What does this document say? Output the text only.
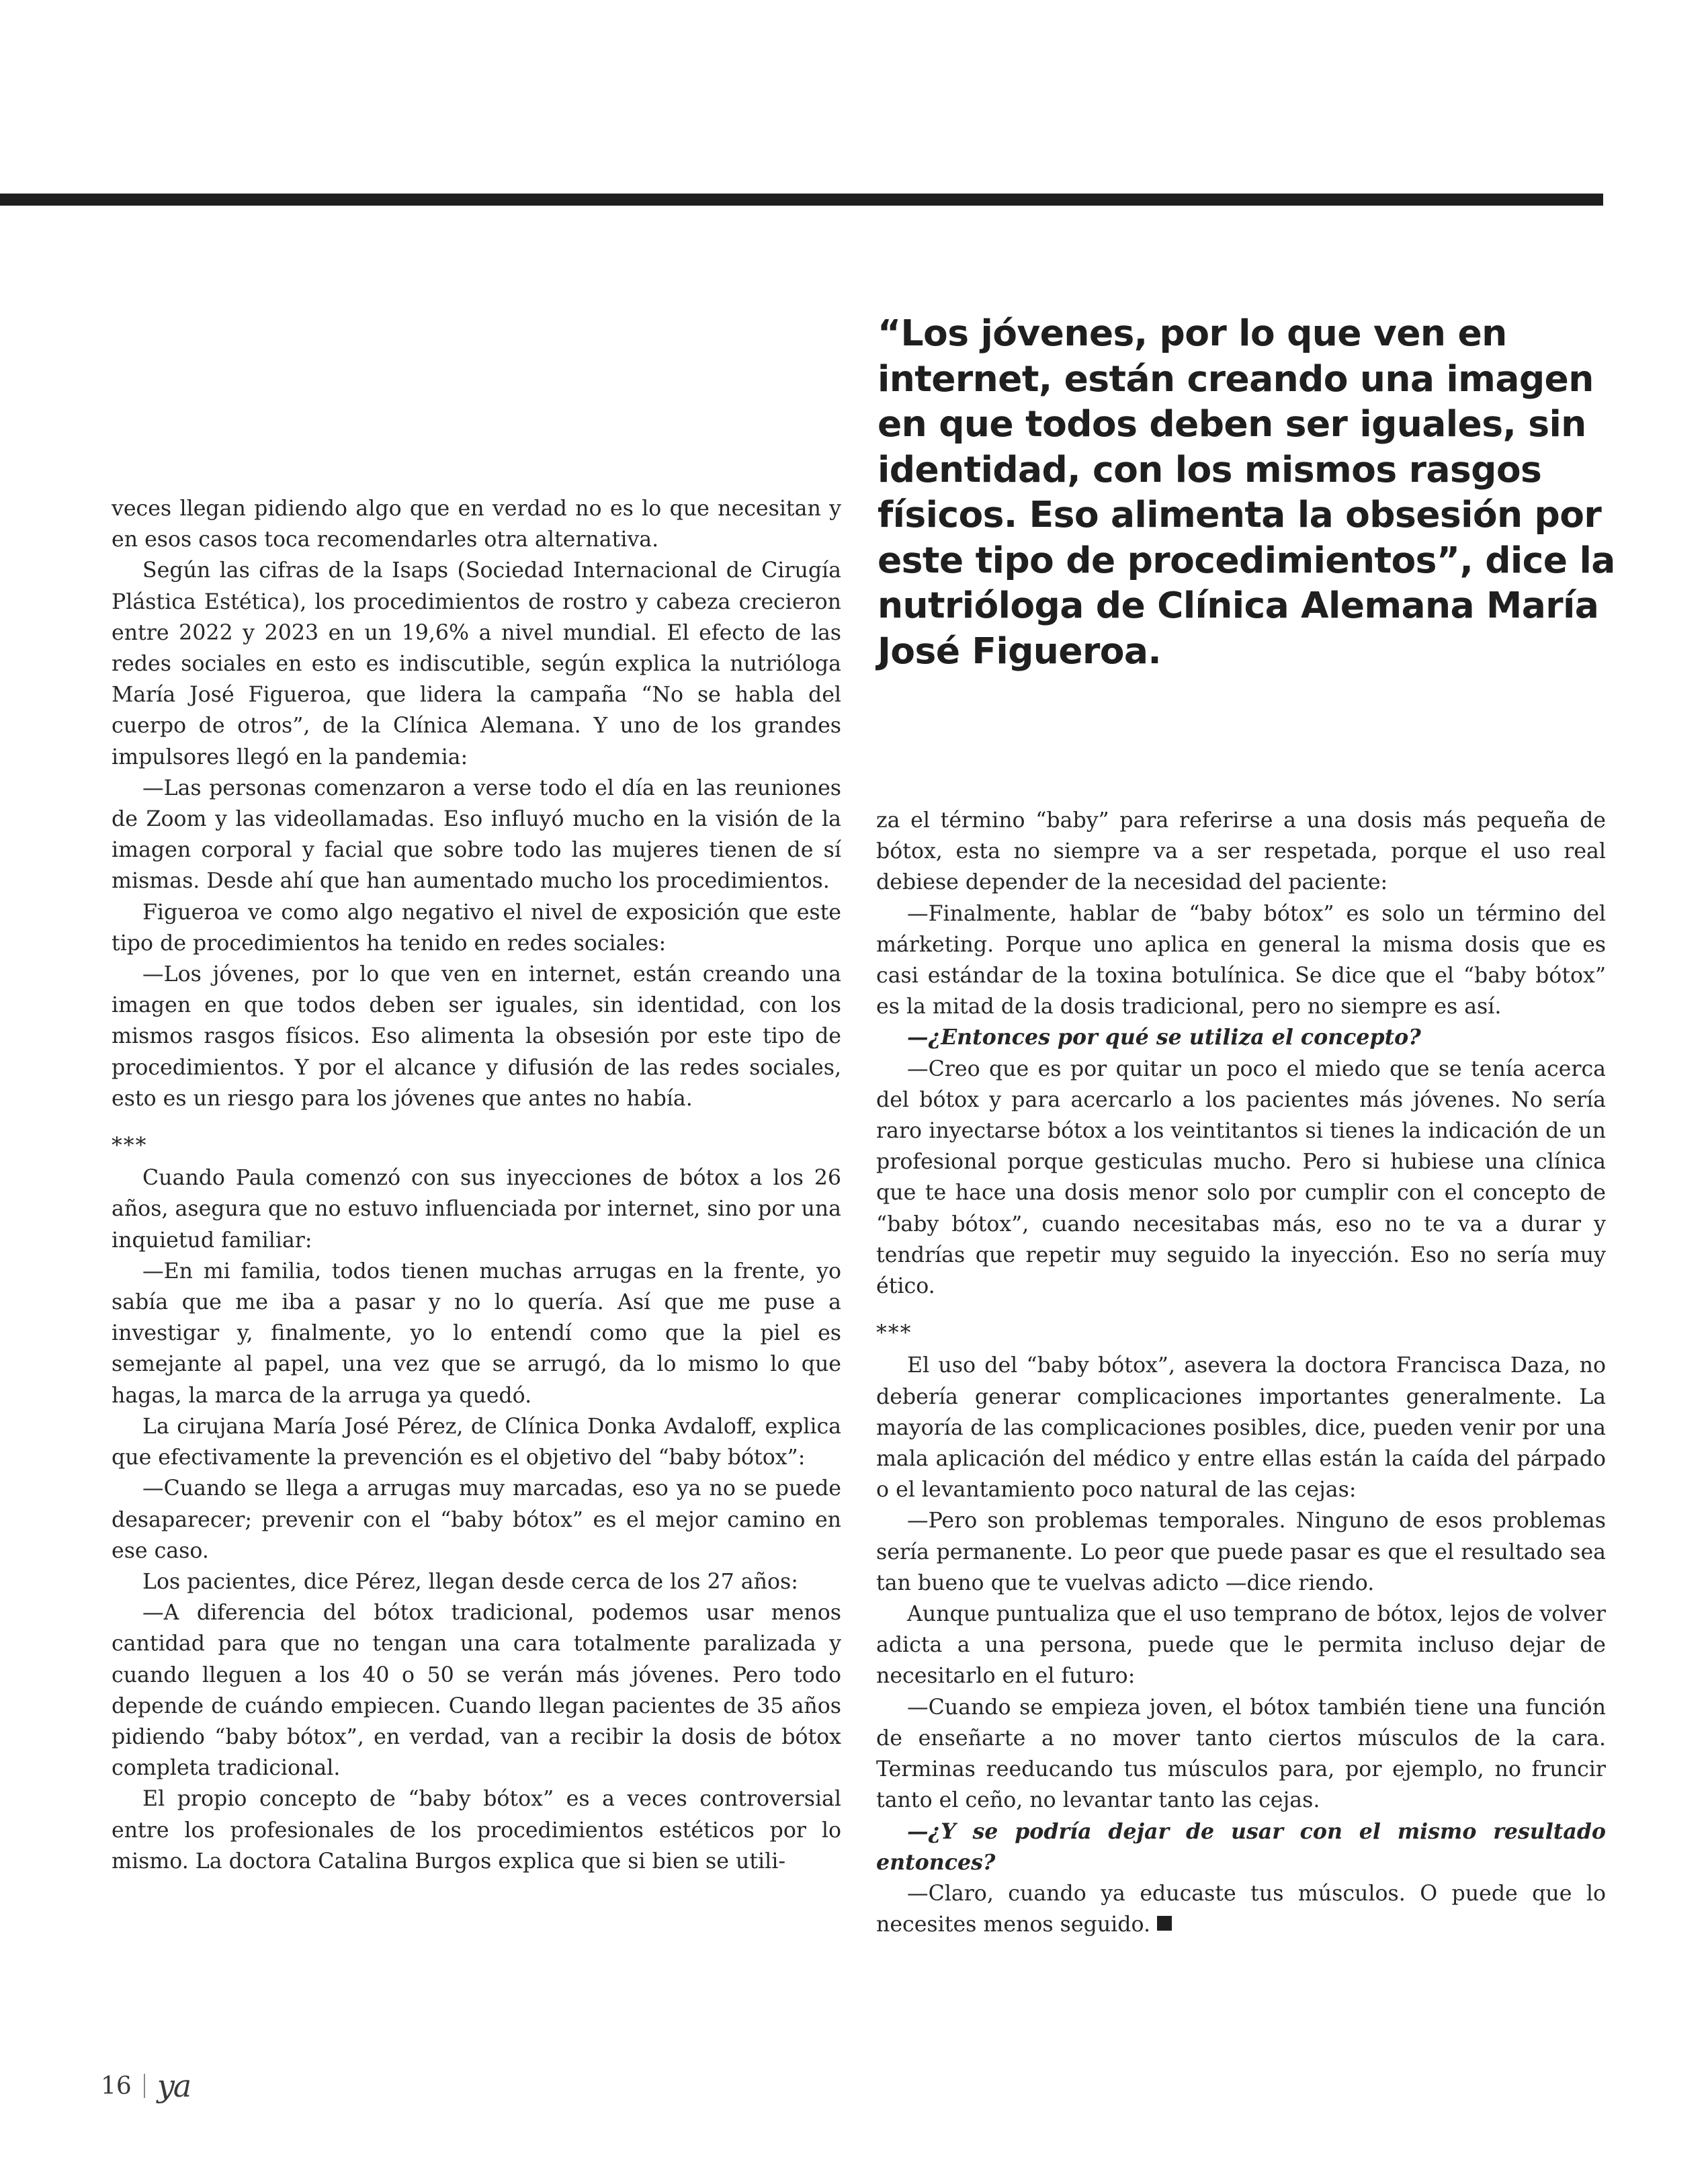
“Los jóvenes, por lo que ven en internet, están creando una imagen en que todos deben ser iguales, sin identidad, con los mismos rasgos físicos. Eso alimenta la obsesión por este tipo de procedimientos”, dice la nutrióloga de Clínica Alemana María José Figueroa.

veces llegan pidiendo algo que en verdad no es lo que necesitan y en esos casos toca recomendarles otra alternativa.

Según las cifras de la Isaps (Sociedad Internacional de Cirugía Plástica Estética), los procedimientos de rostro y cabeza crecieron entre 2022 y 2023 en un 19,6% a nivel mundial. El efecto de las redes sociales en esto es indiscutible, según explica la nutrióloga María José Figueroa, que lidera la campaña “No se habla del cuerpo de otros”, de la Clínica Alemana. Y uno de los grandes impulsores llegó en la pandemia:

—Las personas comenzaron a verse todo el día en las reuniones de Zoom y las videollamadas. Eso influyó mucho en la visión de la imagen corporal y facial que sobre todo las mujeres tienen de sí mismas. Desde ahí que han aumentado mucho los procedimientos.

Figueroa ve como algo negativo el nivel de exposición que este tipo de procedimientos ha tenido en redes sociales:

—Los jóvenes, por lo que ven en internet, están creando una imagen en que todos deben ser iguales, sin identidad, con los mismos rasgos físicos. Eso alimenta la obsesión por este tipo de procedimientos. Y por el alcance y difusión de las redes sociales, esto es un riesgo para los jóvenes que antes no había.

***

Cuando Paula comenzó con sus inyecciones de bótox a los 26 años, asegura que no estuvo influenciada por internet, sino por una inquietud familiar:

—En mi familia, todos tienen muchas arrugas en la frente, yo sabía que me iba a pasar y no lo quería. Así que me puse a investigar y, finalmente, yo lo entendí como que la piel es semejante al papel, una vez que se arrugó, da lo mismo lo que hagas, la marca de la arruga ya quedó.

La cirujana María José Pérez, de Clínica Donka Avdaloff, explica que efectivamente la prevención es el objetivo del “baby bótox”:

—Cuando se llega a arrugas muy marcadas, eso ya no se puede desaparecer; prevenir con el “baby bótox” es el mejor camino en ese caso.

Los pacientes, dice Pérez, llegan desde cerca de los 27 años:

—A diferencia del bótox tradicional, podemos usar menos cantidad para que no tengan una cara totalmente paralizada y cuando lleguen a los 40 o 50 se verán más jóvenes. Pero todo depende de cuándo empiecen. Cuando llegan pacientes de 35 años pidiendo “baby bótox”, en verdad, van a recibir la dosis de bótox completa tradicional.

El propio concepto de “baby bótox” es a veces controversial entre los profesionales de los procedimientos estéticos por lo mismo. La doctora Catalina Burgos explica que si bien se utili-

za el término “baby” para referirse a una dosis más pequeña de bótox, esta no siempre va a ser respetada, porque el uso real debiese depender de la necesidad del paciente:

—Finalmente, hablar de “baby bótox” es solo un término del márketing. Porque uno aplica en general la misma dosis que es casi estándar de la toxina botulínica. Se dice que el “baby bótox” es la mitad de la dosis tradicional, pero no siempre es así.

—¿Entonces por qué se utiliza el concepto?

—Creo que es por quitar un poco el miedo que se tenía acerca del bótox y para acercarlo a los pacientes más jóvenes. No sería raro inyectarse bótox a los veintitantos si tienes la indicación de un profesional porque gesticulas mucho. Pero si hubiese una clínica que te hace una dosis menor solo por cumplir con el concepto de “baby bótox”, cuando necesitabas más, eso no te va a durar y tendrías que repetir muy seguido la inyección. Eso no sería muy ético.

***

El uso del “baby bótox”, asevera la doctora Francisca Daza, no debería generar complicaciones importantes generalmente. La mayoría de las complicaciones posibles, dice, pueden venir por una mala aplicación del médico y entre ellas están la caída del párpado o el levantamiento poco natural de las cejas:

—Pero son problemas temporales. Ninguno de esos problemas sería permanente. Lo peor que puede pasar es que el resultado sea tan bueno que te vuelvas adicto —dice riendo.

Aunque puntualiza que el uso temprano de bótox, lejos de volver adicta a una persona, puede que le permita incluso dejar de necesitarlo en el futuro:

—Cuando se empieza joven, el bótox también tiene una función de enseñarte a no mover tanto ciertos músculos de la cara. Terminas reeducando tus músculos para, por ejemplo, no fruncir tanto el ceño, no levantar tanto las cejas.

—¿Y se podría dejar de usar con el mismo resultado entonces?

—Claro, cuando ya educaste tus músculos. O puede que lo necesites menos seguido.

16 ya
